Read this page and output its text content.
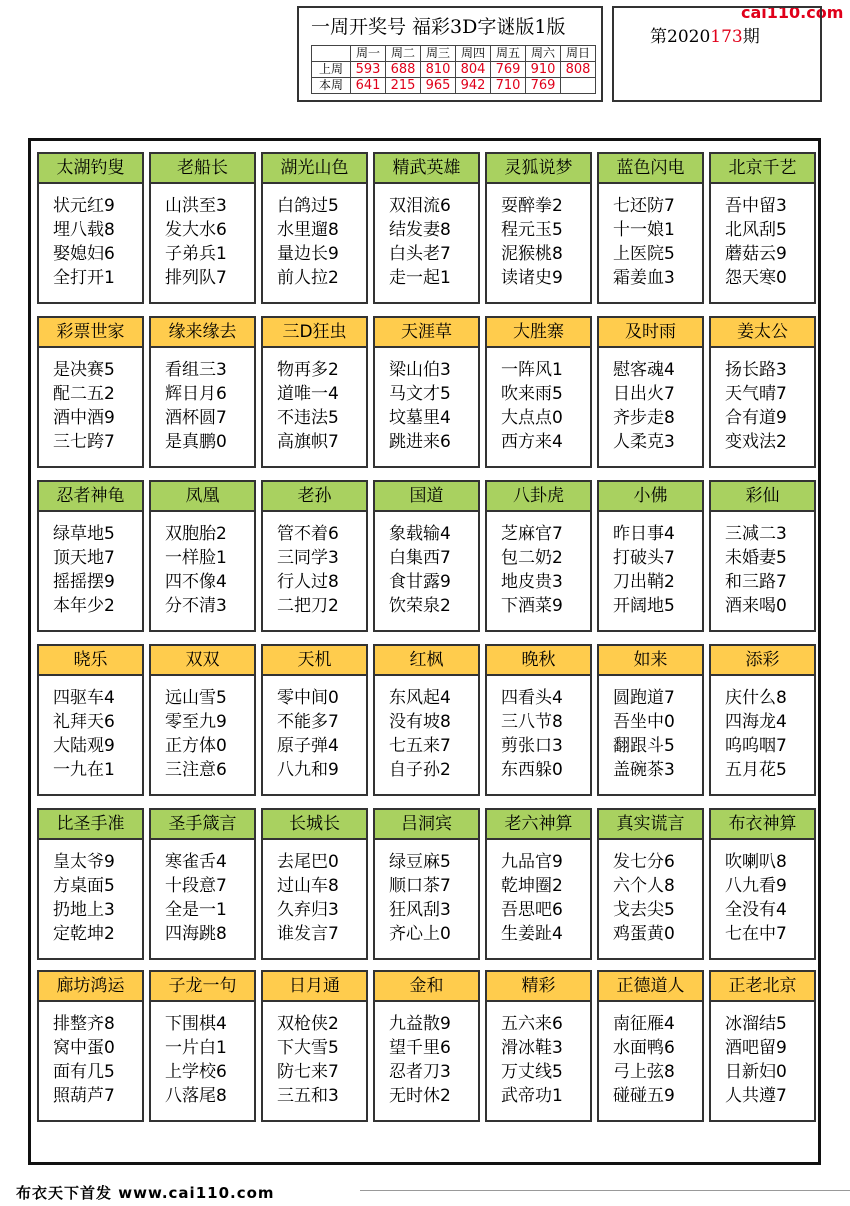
cai110.com
一周开奖号 福彩3D字谜版1版
	周一	周二	周三	周四	周五	周六	周日
上周	593	688	810	804	769	910	808
本周	641	215	965	942	710	769	
第2020173期
太湖钓叟
状元红9
埋八载8
娶媳妇6
全打开1
老船长
山洪至3
发大水6
子弟兵1
排列队7
湖光山色
白鸽过5
水里遛8
量边长9
前人拉2
精武英雄
双泪流6
结发妻8
白头老7
走一起1
灵狐说梦
耍醉拳2
程元玉5
泥猴桃8
读诸史9
蓝色闪电
七还防7
十一娘1
上医院5
霜姜血3
北京千艺
吾中留3
北风刮5
蘑菇云9
怨天寒0
彩票世家
是决赛5
配二五2
酒中酒9
三七跨7
缘来缘去
看组三3
辉日月6
酒杯圆7
是真鹏0
三D狂虫
物再多2
道唯一4
不违法5
高旗帜7
天涯草
梁山伯3
马文才5
坟墓里4
跳进来6
大胜寨
一阵风1
吹来雨5
大点点0
西方来4
及时雨
慰客魂4
日出火7
齐步走8
人柔克3
姜太公
扬长路3
天气晴7
合有道9
变戏法2
忍者神龟
绿草地5
顶天地7
摇摇摆9
本年少2
凤凰
双胞胎2
一样脸1
四不像4
分不清3
老孙
管不着6
三同学3
行人过8
二把刀2
国道
象载输4
白集西7
食甘露9
饮荣泉2
八卦虎
芝麻官7
包二奶2
地皮贵3
下酒菜9
小佛
昨日事4
打破头7
刀出鞘2
开阔地5
彩仙
三减二3
未婚妻5
和三路7
酒来喝0
晓乐
四驱车4
礼拜天6
大陆观9
一九在1
双双
远山雪5
零至九9
正方体0
三注意6
天机
零中间0
不能多7
原子弹4
八九和9
红枫
东风起4
没有坡8
七五来7
自子孙2
晚秋
四看头4
三八节8
剪张口3
东西躲0
如来
圆跑道7
吾坐中0
翻跟斗5
盖碗茶3
添彩
庆什么8
四海龙4
呜呜咽7
五月花5
比圣手准
皇太爷9
方桌面5
扔地上3
定乾坤2
圣手箴言
寒雀舌4
十段意7
全是一1
四海跳8
长城长
去尾巴0
过山车8
久弃归3
谁发言7
吕洞宾
绿豆麻5
顺口茶7
狂风刮3
齐心上0
老六神算
九品官9
乾坤圈2
吾思吧6
生姜趾4
真实谎言
发七分6
六个人8
戈去尖5
鸡蛋黄0
布衣神算
吹喇叭8
八九看9
全没有4
七在中7
廊坊鸿运
排整齐8
窝中蛋0
面有几5
照葫芦7
子龙一句
下围棋4
一片白1
上学校6
八落尾8
日月通
双枪侠2
下大雪5
防七来7
三五和3
金和
九益散9
望千里6
忍者刀3
无时休2
精彩
五六来6
滑冰鞋3
万丈线5
武帝功1
正德道人
南征雁4
水面鸭6
弓上弦8
碰碰五9
正老北京
冰溜结5
酒吧留9
日新妇0
人共遵7
布衣天下首发 www.cai110.com
